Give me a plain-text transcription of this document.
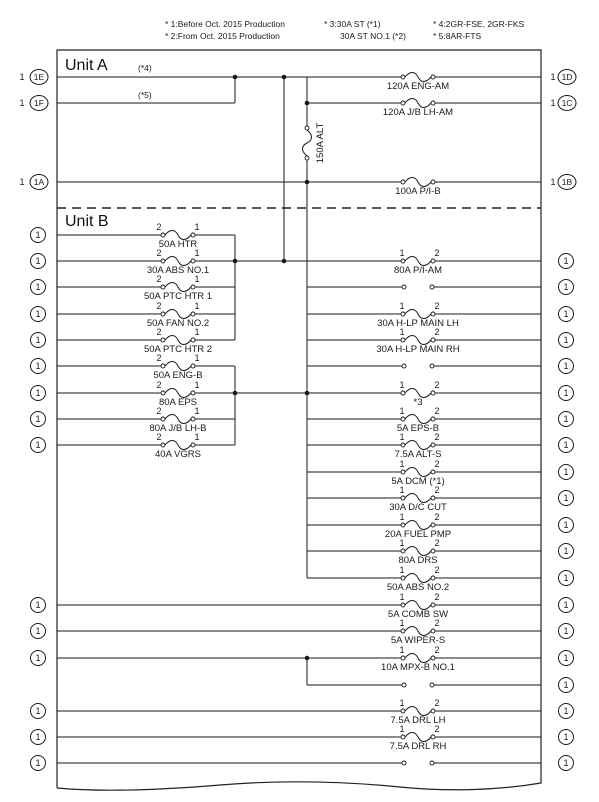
* 1:Before Oct. 2015 Production
* 2:From Oct. 2015 Production
* 3:30A ST (*1)
30A ST NO.1 (*2)
* 4:2GR-FSE, 2GR-FKS
* 5:8AR-FTS
Unit A
Unit B
(*4)
(*5)
120A ENG-AM
120A J/B LH-AM
150A ALT
100A P/I-B
2	1
50A HTR
2	1
30A ABS NO.1
2	1
50A PTC HTR 1
2	1
50A FAN NO.2
2	1
50A PTC HTR 2
2	1
50A ENG-B
2	1
80A EPS
2	1
80A J/B LH-B
2	1
40A VGRS
1	2
80A P/I-AM
1	2
30A H-LP MAIN LH
1	2
30A H-LP MAIN RH
1	2
*3
1	2
5A EPS-B
1	2
7.5A ALT-S
1	2
5A DCM (*1)
1	2
30A D/C CUT
1	2
20A FUEL PMP
1	2
80A DRS
1	2
50A ABS NO.2
1	2
5A COMB SW
1	2
5A WIPER-S
1	2
10A MPX-B NO.1
1	2
7.5A DRL LH
1	2
7.5A DRL RH
1 1E	1 1D
1 1F	1 1C
1 1A	1 1B
1
1
1
1
1
1
1
1
1
1
1
1
1
1
1
1
1
1
1
1
1
1
1
1
1
1
1
1
1
1
1
1
1
1
1
